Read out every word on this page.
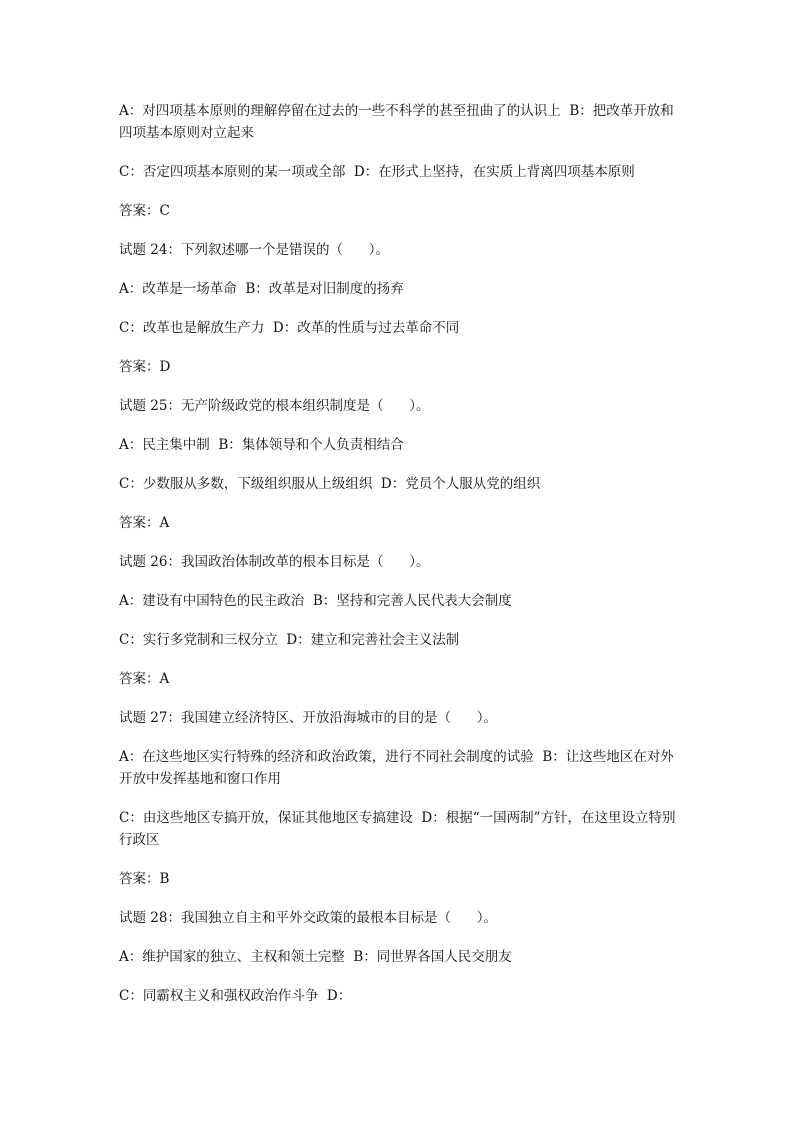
A：对四项基本原则的理解停留在过去的一些不科学的甚至扭曲了的认识上  B：把改革开放和四项基本原则对立起来

C：否定四项基本原则的某一项或全部  D：在形式上坚持，在实质上背离四项基本原则

答案：C

试题 24：下列叙述哪一个是错误的（      ）。

A：改革是一场革命  B：改革是对旧制度的扬弃

C：改革也是解放生产力  D：改革的性质与过去革命不同

答案：D

试题 25：无产阶级政党的根本组织制度是（      ）。

A：民主集中制  B：集体领导和个人负责相结合

C：少数服从多数，下级组织服从上级组织  D：党员个人服从党的组织

答案：A

试题 26：我国政治体制改革的根本目标是（      ）。

A：建设有中国特色的民主政治  B：坚持和完善人民代表大会制度

C：实行多党制和三权分立  D：建立和完善社会主义法制

答案：A

试题 27：我国建立经济特区、开放沿海城市的目的是（      ）。

A：在这些地区实行特殊的经济和政治政策，进行不同社会制度的试验  B：让这些地区在对外开放中发挥基地和窗口作用

C：由这些地区专搞开放，保证其他地区专搞建设  D：根据“一国两制”方针，在这里设立特别行政区

答案：B

试题 28：我国独立自主和平外交政策的最根本目标是（      ）。

A：维护国家的独立、主权和领土完整  B：同世界各国人民交朋友

C：同霸权主义和强权政治作斗争  D：
